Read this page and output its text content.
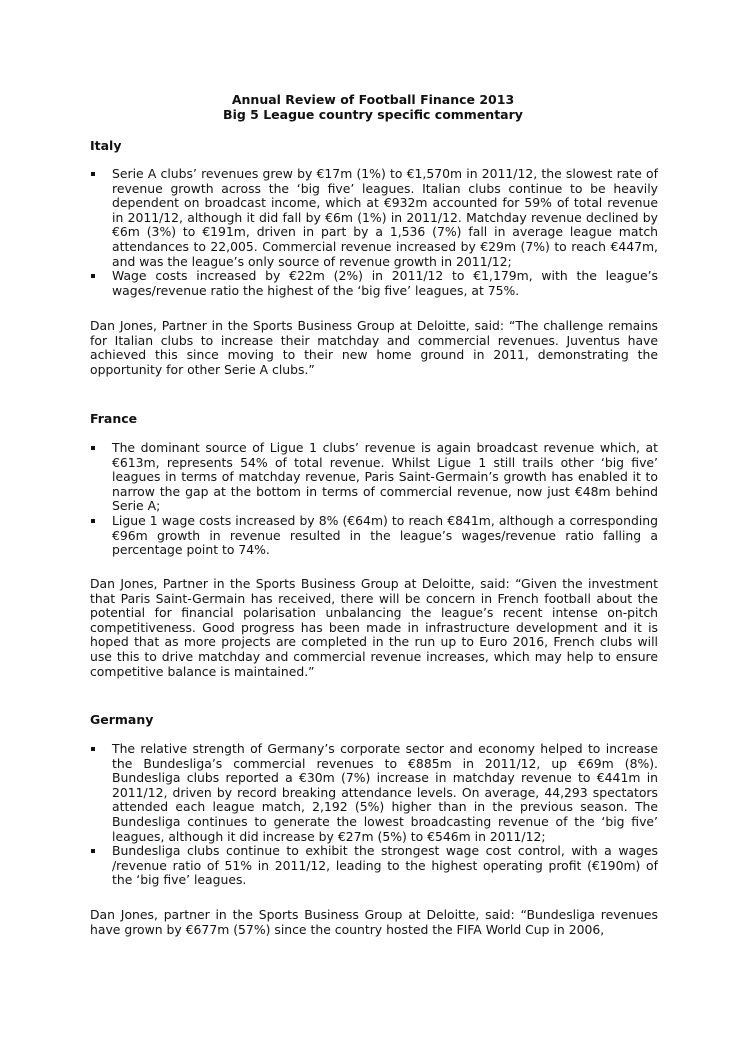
Annual Review of Football Finance 2013
Big 5 League country specific commentary
Italy
Serie A clubs’ revenues grew by €17m (1%) to €1,570m in 2011/12, the slowest rate of revenue growth across the ‘big five’ leagues. Italian clubs continue to be heavily dependent on broadcast income, which at €932m accounted for 59% of total revenue in 2011/12, although it did fall by €6m (1%) in 2011/12. Matchday revenue declined by €6m (3%) to €191m, driven in part by a 1,536 (7%) fall in average league match attendances to 22,005. Commercial revenue increased by €29m (7%) to reach €447m, and was the league’s only source of revenue growth in 2011/12;
Wage costs increased by €22m (2%) in 2011/12 to €1,179m, with the league’s wages/revenue ratio the highest of the ‘big five’ leagues, at 75%.

Dan Jones, Partner in the Sports Business Group at Deloitte, said: “The challenge remains for Italian clubs to increase their matchday and commercial revenues. Juventus have achieved this since moving to their new home ground in 2011, demonstrating the opportunity for other Serie A clubs.”

France
The dominant source of Ligue 1 clubs’ revenue is again broadcast revenue which, at €613m, represents 54% of total revenue. Whilst Ligue 1 still trails other ‘big five’ leagues in terms of matchday revenue, Paris Saint-Germain’s growth has enabled it to narrow the gap at the bottom in terms of commercial revenue, now just €48m behind Serie A;
Ligue 1 wage costs increased by 8% (€64m) to reach €841m, although a corresponding €96m growth in revenue resulted in the league’s wages/revenue ratio falling a percentage point to 74%.

Dan Jones, Partner in the Sports Business Group at Deloitte, said: “Given the investment that Paris Saint-Germain has received, there will be concern in French football about the potential for financial polarisation unbalancing the league’s recent intense on-pitch competitiveness. Good progress has been made in infrastructure development and it is hoped that as more projects are completed in the run up to Euro 2016, French clubs will use this to drive matchday and commercial revenue increases, which may help to ensure competitive balance is maintained.”

Germany
The relative strength of Germany’s corporate sector and economy helped to increase the Bundesliga’s commercial revenues to €885m in 2011/12, up €69m (8%). Bundesliga clubs reported a €30m (7%) increase in matchday revenue to €441m in 2011/12, driven by record breaking attendance levels. On average, 44,293 spectators attended each league match, 2,192 (5%) higher than in the previous season. The Bundesliga continues to generate the lowest broadcasting revenue of the ‘big five’ leagues, although it did increase by €27m (5%) to €546m in 2011/12;
Bundesliga clubs continue to exhibit the strongest wage cost control, with a wages /revenue ratio of 51% in 2011/12, leading to the highest operating profit (€190m) of the ‘big five’ leagues.

Dan Jones, partner in the Sports Business Group at Deloitte, said: “Bundesliga revenues have grown by €677m (57%) since the country hosted the FIFA World Cup in 2006,
